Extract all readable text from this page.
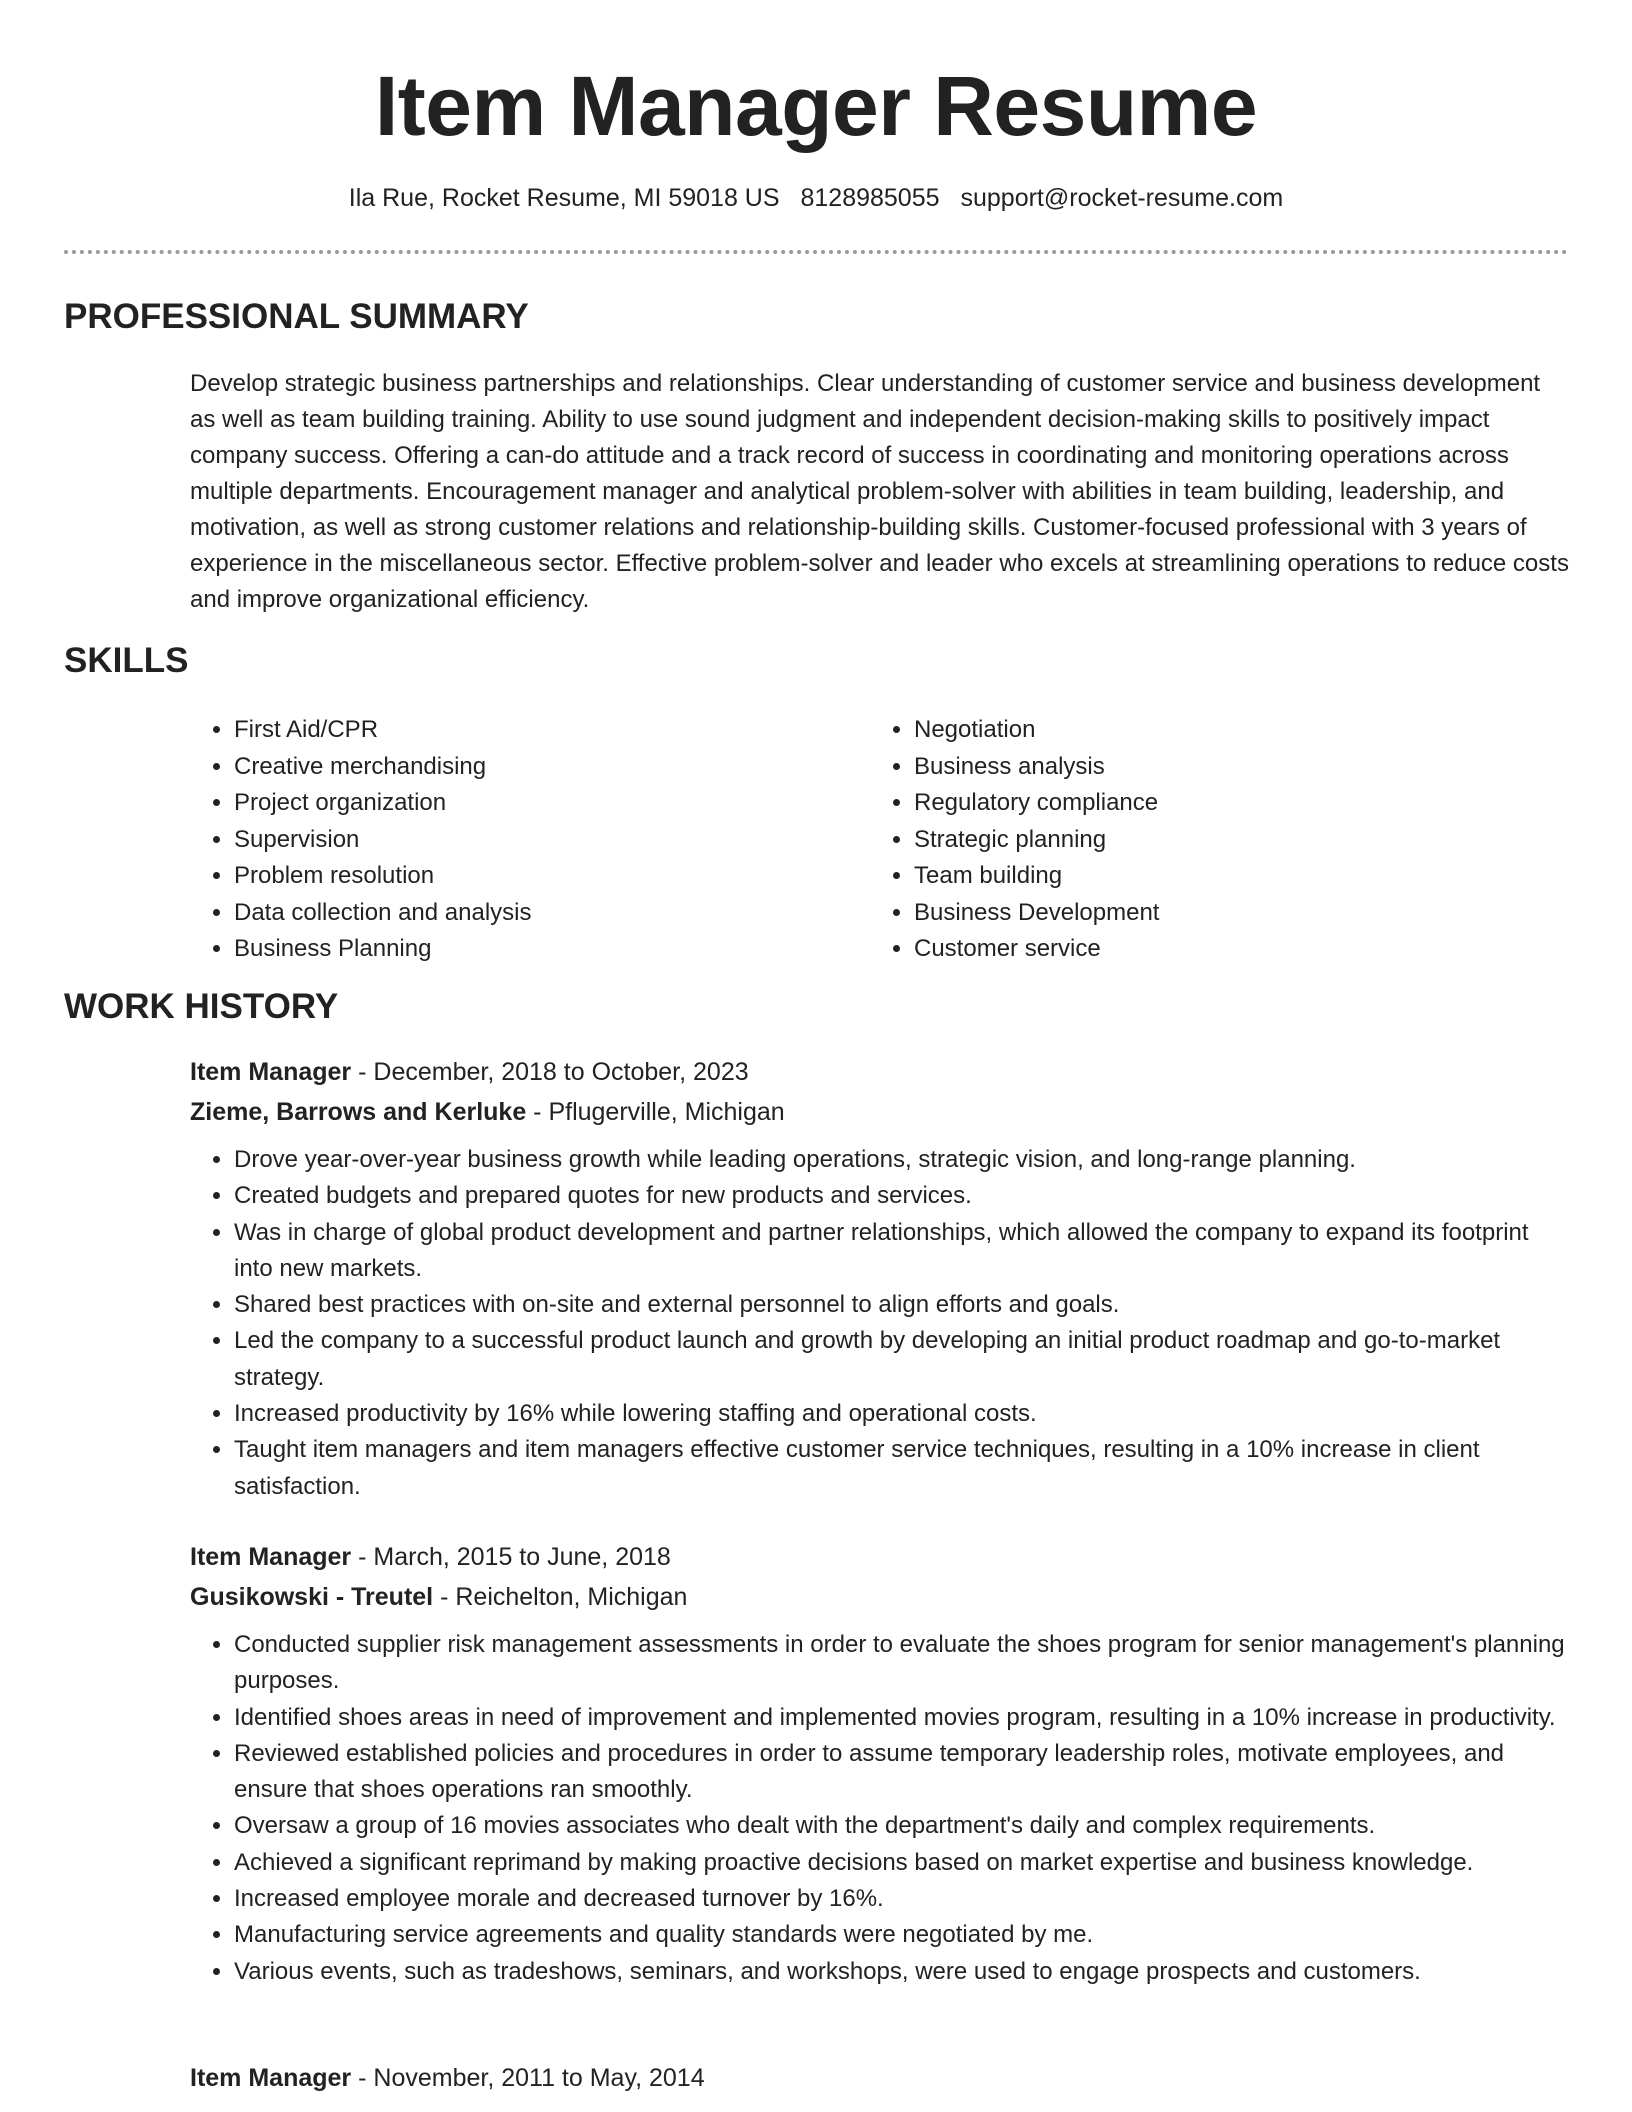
Item Manager Resume
Ila Rue, Rocket Resume, MI 59018 US 8128985055 support@rocket-resume.com
PROFESSIONAL SUMMARY

Develop strategic business partnerships and relationships. Clear understanding of customer service and business development as well as team building training. Ability to use sound judgment and independent decision-making skills to positively impact company success. Offering a can-do attitude and a track record of success in coordinating and monitoring operations across multiple departments. Encouragement manager and analytical problem-solver with abilities in team building, leadership, and motivation, as well as strong customer relations and relationship-building skills. Customer-focused professional with 3 years of experience in the miscellaneous sector. Effective problem-solver and leader who excels at streamlining operations to reduce costs and improve organizational efficiency.

SKILLS
• First Aid/CPR
• Creative merchandising
• Project organization
• Supervision
• Problem resolution
• Data collection and analysis
• Business Planning
• Negotiation
• Business analysis
• Regulatory compliance
• Strategic planning
• Team building
• Business Development
• Customer service
WORK HISTORY

Item Manager - December, 2018 to October, 2023

Zieme, Barrows and Kerluke - Pflugerville, Michigan

• Drove year-over-year business growth while leading operations, strategic vision, and long-range planning.
• Created budgets and prepared quotes for new products and services.
• Was in charge of global product development and partner relationships, which allowed the company to expand its footprint into new markets.
• Shared best practices with on-site and external personnel to align efforts and goals.
• Led the company to a successful product launch and growth by developing an initial product roadmap and go-to-market strategy.
• Increased productivity by 16% while lowering staffing and operational costs.
• Taught item managers and item managers effective customer service techniques, resulting in a 10% increase in client satisfaction.

Item Manager - March, 2015 to June, 2018

Gusikowski - Treutel - Reichelton, Michigan

• Conducted supplier risk management assessments in order to evaluate the shoes program for senior management's planning purposes.
• Identified shoes areas in need of improvement and implemented movies program, resulting in a 10% increase in productivity.
• Reviewed established policies and procedures in order to assume temporary leadership roles, motivate employees, and ensure that shoes operations ran smoothly.
• Oversaw a group of 16 movies associates who dealt with the department's daily and complex requirements.
• Achieved a significant reprimand by making proactive decisions based on market expertise and business knowledge.
• Increased employee morale and decreased turnover by 16%.
• Manufacturing service agreements and quality standards were negotiated by me.
• Various events, such as tradeshows, seminars, and workshops, were used to engage prospects and customers.

Item Manager - November, 2011 to May, 2014
